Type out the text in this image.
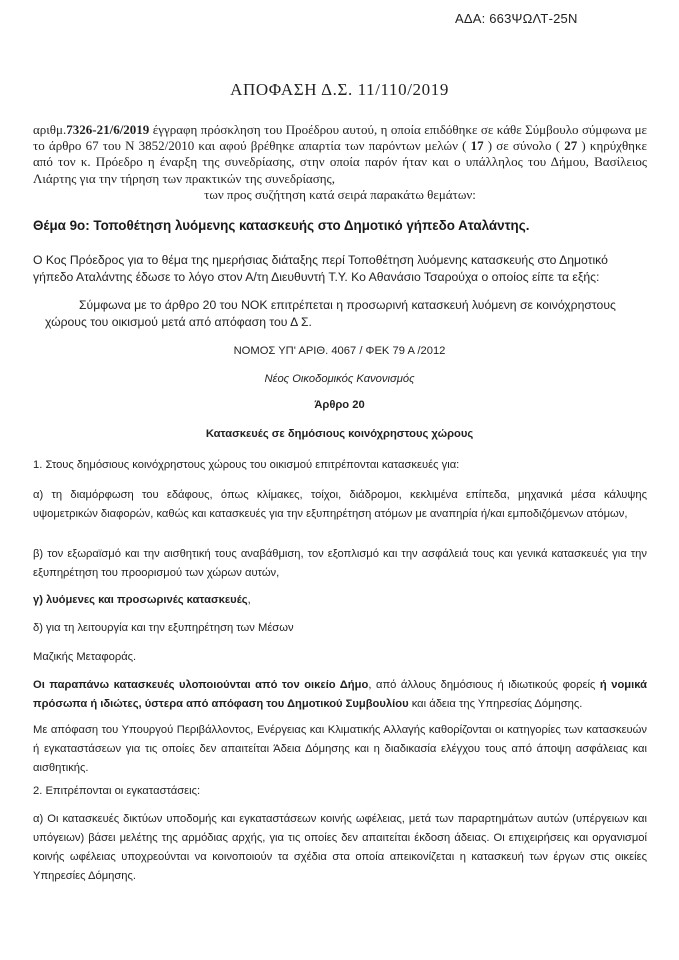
ΑΔΑ: 663ΨΩΛΤ-25Ν
ΑΠΟΦΑΣΗ Δ.Σ. 11/110/2019
αριθμ.7326-21/6/2019 έγγραφη πρόσκληση του Προέδρου αυτού, η οποία επιδόθηκε σε κάθε Σύμβουλο σύμφωνα με το άρθρο 67 του Ν 3852/2010 και αφού βρέθηκε απαρτία των παρόντων μελών ( 17 ) σε σύνολο ( 27 ) κηρύχθηκε από τον κ. Πρόεδρο η έναρξη της συνεδρίασης, στην οποία παρόν ήταν και ο υπάλληλος του Δήμου, Βασίλειος Λιάρτης για την τήρηση των πρακτικών της συνεδρίασης,
των προς συζήτηση κατά σειρά παρακάτω θεμάτων:
Θέμα 9ο: Τοποθέτηση λυόμενης κατασκευής στο Δημοτικό γήπεδο Αταλάντης.
Ο Κος Πρόεδρος για το θέμα της ημερήσιας διάταξης περί Τοποθέτηση λυόμενης κατασκευής στο Δημοτικό γήπεδο Αταλάντης έδωσε το λόγο στον Α/τη Διευθυντή Τ.Υ. Κο Αθανάσιο Τσαρούχα ο οποίος είπε τα εξής:
Σύμφωνα με το άρθρο 20 του ΝΟΚ επιτρέπεται η προσωρινή κατασκευή λυόμενη σε κοινόχρηστους χώρους του οικισμού μετά από απόφαση του Δ Σ.
ΝΟΜΟΣ ΥΠ' ΑΡΙΘ. 4067 / ΦΕΚ 79 Α /2012
Νέος Οικοδομικός Κανονισμός
Άρθρο 20
Κατασκευές σε δημόσιους κοινόχρηστους χώρους
1. Στους δημόσιους κοινόχρηστους χώρους του οικισμού επιτρέπονται κατασκευές για:
α) τη διαμόρφωση του εδάφους, όπως κλίμακες, τοίχοι, διάδρομοι, κεκλιμένα επίπεδα, μηχανικά μέσα κάλυψης υψομετρικών διαφορών, καθώς και κατασκευές για την εξυπηρέτηση ατόμων με αναπηρία ή/και εμποδιζόμενων ατόμων,
β) τον εξωραϊσμό και την αισθητική τους αναβάθμιση, τον εξοπλισμό και την ασφάλειά τους και γενικά κατασκευές για την εξυπηρέτηση του προορισμού των χώρων αυτών,
γ) λυόμενες και προσωρινές κατασκευές,
δ) για τη λειτουργία και την εξυπηρέτηση των Μέσων
Μαζικής Μεταφοράς.
Οι παραπάνω κατασκευές υλοποιούνται από τον οικείο Δήμο, από άλλους δημόσιους ή ιδιωτικούς φορείς ή νομικά πρόσωπα ή ιδιώτες, ύστερα από απόφαση του Δημοτικού Συμβουλίου και άδεια της Υπηρεσίας Δόμησης.
Με απόφαση του Υπουργού Περιβάλλοντος, Ενέργειας και Κλιματικής Αλλαγής καθορίζονται οι κατηγορίες των κατασκευών ή εγκαταστάσεων για τις οποίες δεν απαιτείται Άδεια Δόμησης και η διαδικασία ελέγχου τους από άποψη ασφάλειας και αισθητικής.
2. Επιτρέπονται οι εγκαταστάσεις:
α) Οι κατασκευές δικτύων υποδομής και εγκαταστάσεων κοινής ωφέλειας, μετά των παραρτημάτων αυτών (υπέργειων και υπόγειων) βάσει μελέτης της αρμόδιας αρχής, για τις οποίες δεν απαιτείται έκδοση άδειας. Οι επιχειρήσεις και οργανισμοί κοινής ωφέλειας υποχρεούνται να κοινοποιούν τα σχέδια στα οποία απεικονίζεται η κατασκευή των έργων στις οικείες Υπηρεσίες Δόμησης.
